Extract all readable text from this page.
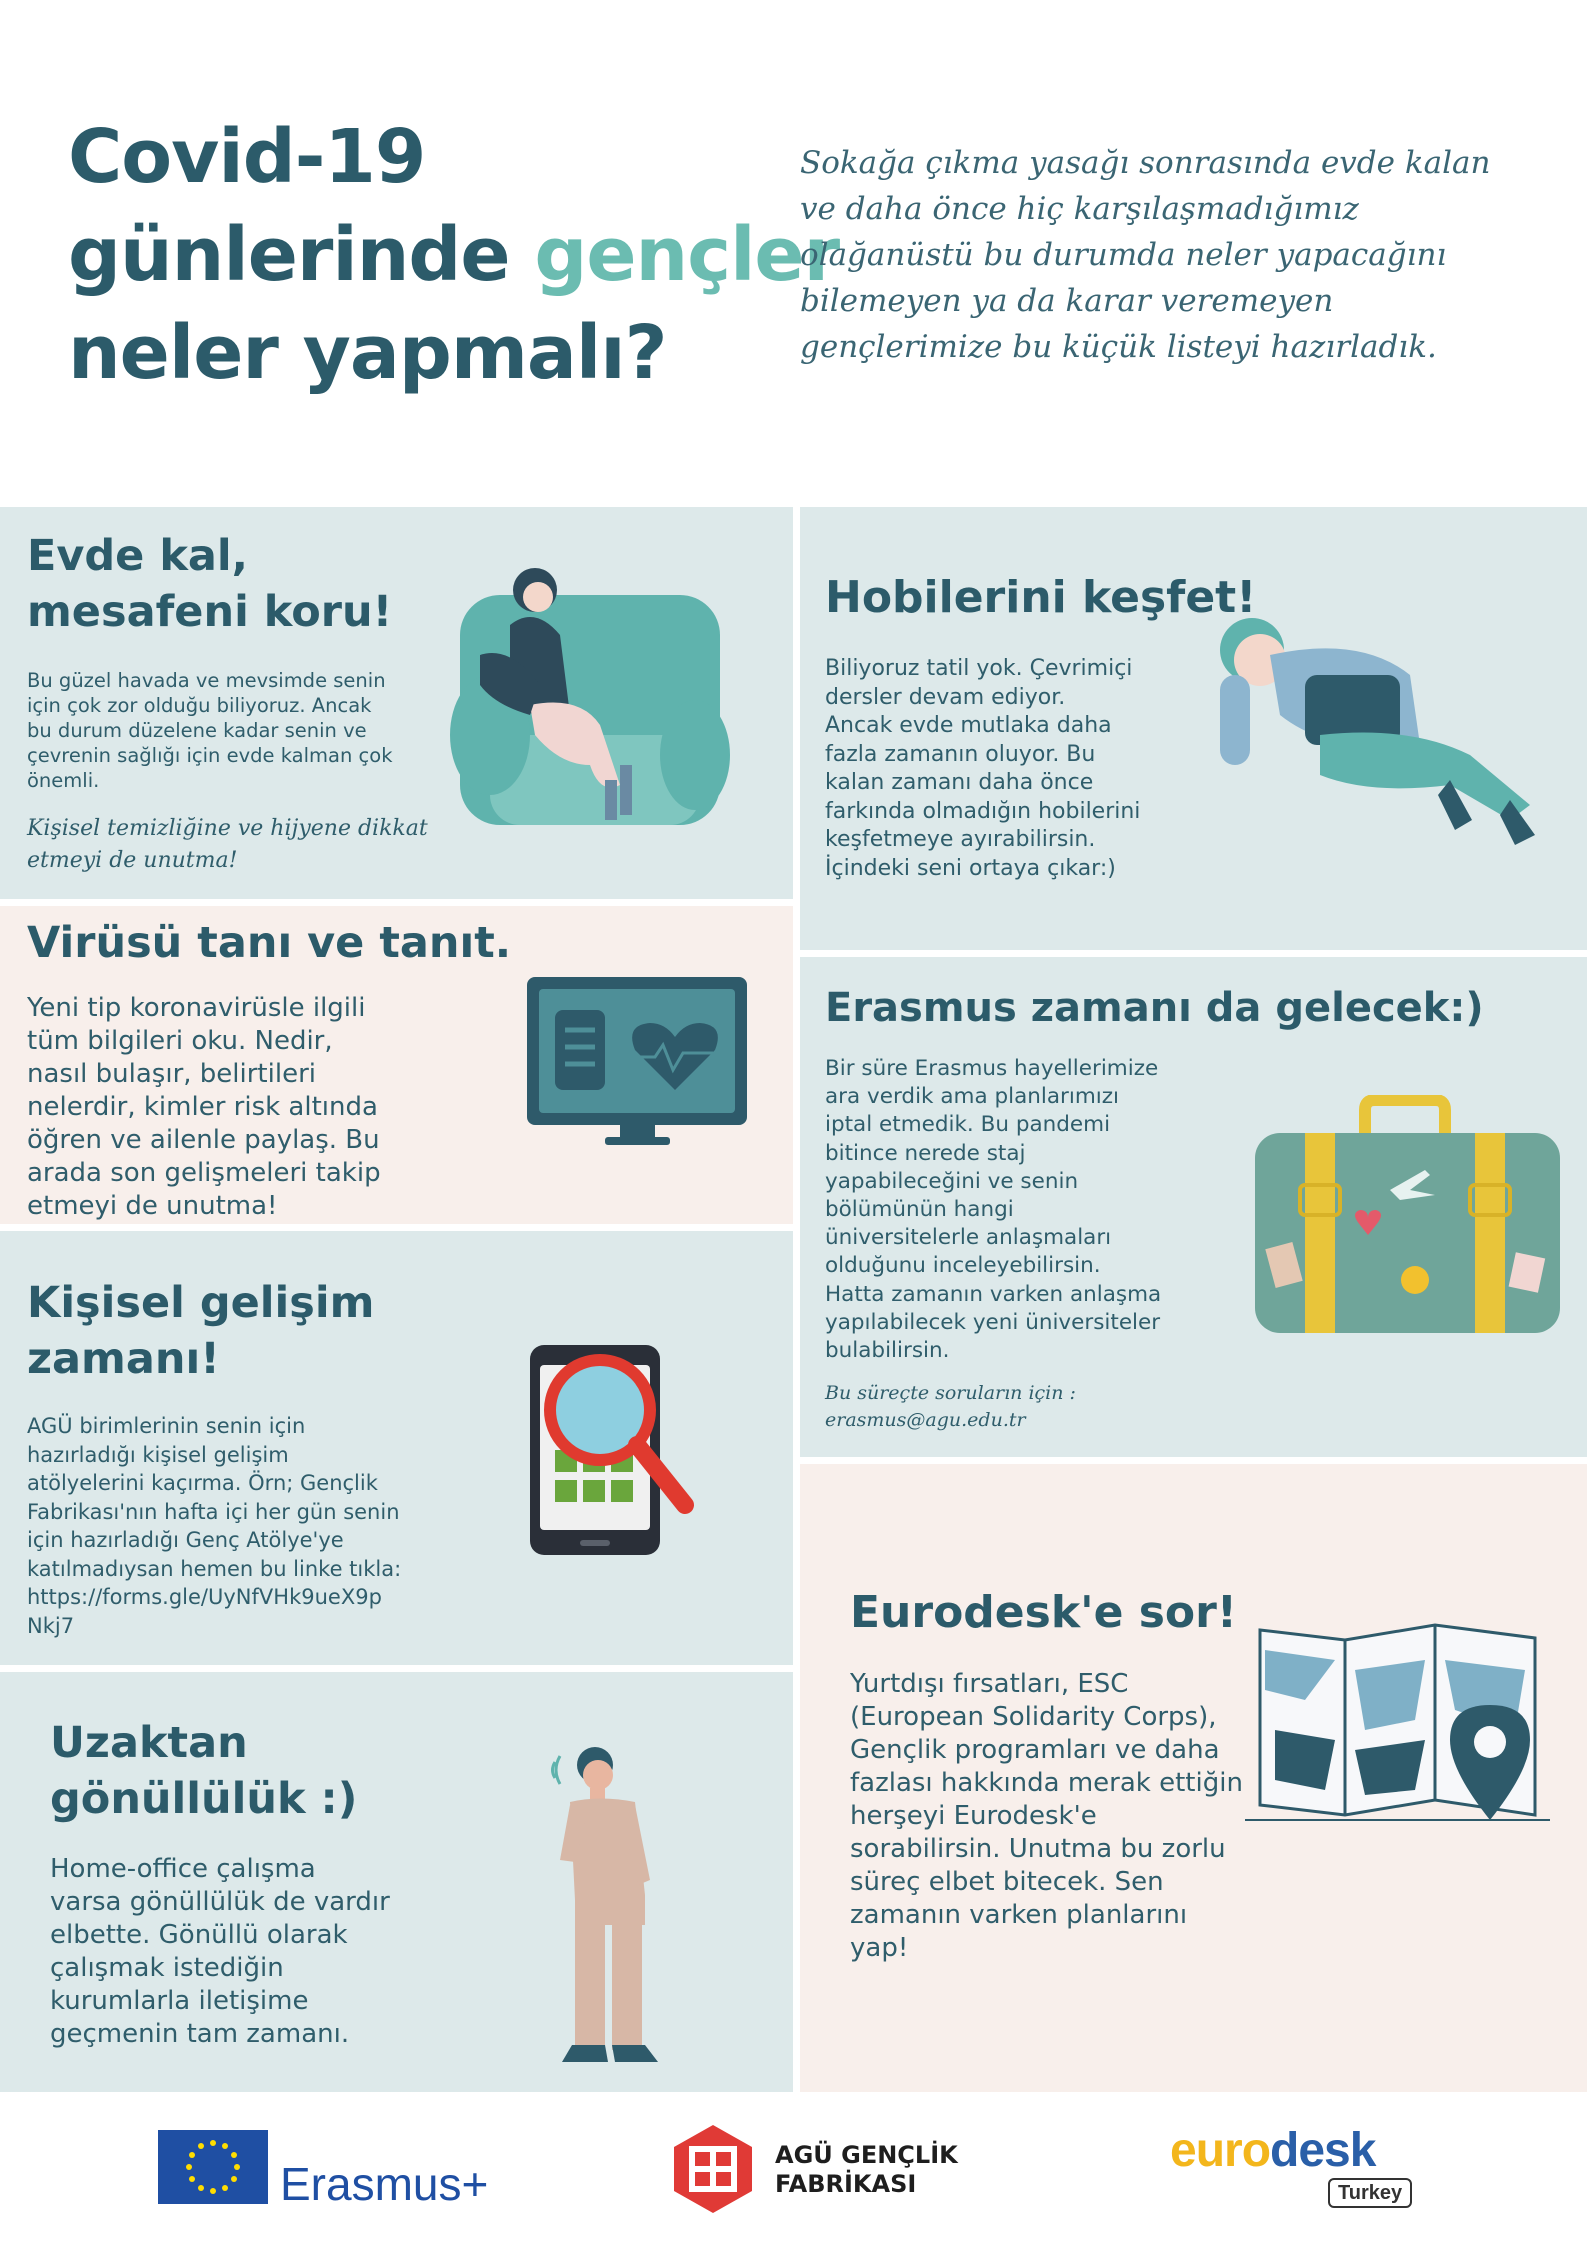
Covid-19
günlerinde gençler
neler yapmalı?
Sokağa çıkma yasağı sonrasında evde kalan ve daha önce hiç karşılaşmadığımız olağanüstü bu durumda neler yapacağını bilemeyen ya da karar veremeyen gençlerimize bu küçük listeyi hazırladık.
Evde kal,
mesafeni koru!
Bu güzel havada ve mevsimde senin
için çok zor olduğu biliyoruz. Ancak
bu durum düzelene kadar senin ve
çevrenin sağlığı için evde kalman çok
önemli.
Kişisel temizliğine ve hijyene dikkat
etmeyi de unutma!
Hobilerini keşfet!
Biliyoruz tatil yok. Çevrimiçi
dersler devam ediyor.
Ancak evde mutlaka daha
fazla zamanın oluyor. Bu
kalan zamanı daha önce
farkında olmadığın hobilerini
keşfetmeye ayırabilirsin.
İçindeki seni ortaya çıkar:)
Virüsü tanı ve tanıt.
Yeni tip koronavirüsle ilgili
tüm bilgileri oku. Nedir,
nasıl bulaşır, belirtileri
nelerdir, kimler risk altında
öğren ve ailenle paylaş. Bu
arada son gelişmeleri takip
etmeyi de unutma!
Erasmus zamanı da gelecek:)
Bir süre Erasmus hayellerimize
ara verdik ama planlarımızı
iptal etmedik. Bu pandemi
bitince nerede staj
yapabileceğini ve senin
bölümünün hangi
üniversitelerle anlaşmaları
olduğunu inceleyebilirsin.
Hatta zamanın varken anlaşma
yapılabilecek yeni üniversiteler
bulabilirsin.
Bu süreçte soruların için :
erasmus@agu.edu.tr
Kişisel gelişim
zamanı!
AGÜ birimlerinin senin için
hazırladığı kişisel gelişim
atölyelerini kaçırma. Örn; Gençlik
Fabrikası'nın hafta içi her gün senin
için hazırladığı Genç Atölye'ye
katılmadıysan hemen bu linke tıkla:
https://forms.gle/UyNfVHk9ueX9p
Nkj7	Eurodesk'e sor!
Yurtdışı fırsatları, ESC
(European Solidarity Corps),
Gençlik programları ve daha
fazlası hakkında merak ettiğin
herşeyi Eurodesk'e
sorabilirsin. Unutma bu zorlu
süreç elbet bitecek. Sen
zamanın varken planlarını
yap!
Uzaktan
gönüllülük :)
Home-office çalışma
varsa gönüllülük de vardır
elbette. Gönüllü olarak
çalışmak istediğin
kurumlarla iletişime
geçmenin tam zamanı.
Erasmus+
AGÜ GENÇLİK
FABRİKASI
eurodesk
Turkey
